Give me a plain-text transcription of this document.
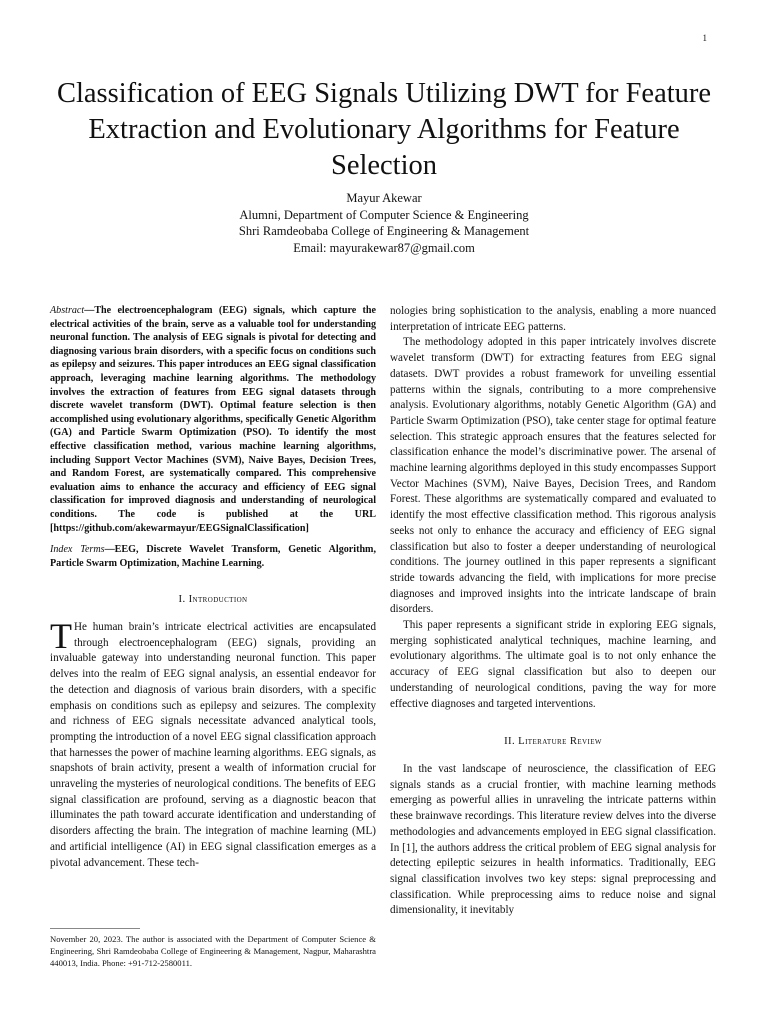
1
Classification of EEG Signals Utilizing DWT for Feature Extraction and Evolutionary Algorithms for Feature Selection
Mayur Akewar
Alumni, Department of Computer Science & Engineering
Shri Ramdeobaba College of Engineering & Management
Email: mayurakewar87@gmail.com
Abstract—The electroencephalogram (EEG) signals, which capture the electrical activities of the brain, serve as a valuable tool for understanding neuronal function. The analysis of EEG signals is pivotal for detecting and diagnosing various brain disorders, with a specific focus on conditions such as epilepsy and seizures. This paper introduces an EEG signal classification approach, leveraging machine learning algorithms. The methodology involves the extraction of features from EEG signal datasets through discrete wavelet transform (DWT). Optimal feature selection is then accomplished using evolutionary algorithms, specifically Genetic Algorithm (GA) and Particle Swarm Optimization (PSO). To identify the most effective classification method, various machine learning algorithms, including Support Vector Machines (SVM), Naive Bayes, Decision Trees, and Random Forest, are systematically compared. This comprehensive evaluation aims to enhance the accuracy and efficiency of EEG signal classification for improved diagnosis and understanding of neurological conditions. The code is published at the URL [https://github.com/akewarmayur/EEGSignalClassification]
Index Terms—EEG, Discrete Wavelet Transform, Genetic Algorithm, Particle Swarm Optimization, Machine Learning.
I. Introduction

T He human brain’s intricate electrical activities are encapsulated through electroencephalogram (EEG) signals, providing an invaluable gateway into understanding neuronal function. This paper delves into the realm of EEG signal analysis, an essential endeavor for the detection and diagnosis of various brain disorders, with a specific emphasis on conditions such as epilepsy and seizures. The complexity and richness of EEG signals necessitate advanced analytical tools, prompting the introduction of a novel EEG signal classification approach that harnesses the power of machine learning algorithms. EEG signals, as snapshots of brain activity, present a wealth of information crucial for unraveling the mysteries of neurological conditions. The benefits of EEG signal classification are profound, serving as a diagnostic beacon that illuminates the path toward accurate identification and understanding of disorders affecting the brain. The integration of machine learning (ML) and artificial intelligence (AI) in EEG signal classification emerges as a pivotal advancement. These tech-

nologies bring sophistication to the analysis, enabling a more nuanced interpretation of intricate EEG patterns.

The methodology adopted in this paper intricately involves discrete wavelet transform (DWT) for extracting features from EEG signal datasets. DWT provides a robust framework for unveiling essential patterns within the signals, contributing to a more comprehensive analysis. Evolutionary algorithms, notably Genetic Algorithm (GA) and Particle Swarm Optimization (PSO), take center stage for optimal feature selection. This strategic approach ensures that the features selected for classification enhance the model’s discriminative power. The arsenal of machine learning algorithms deployed in this study encompasses Support Vector Machines (SVM), Naive Bayes, Decision Trees, and Random Forest. These algorithms are systematically compared and evaluated to identify the most effective classification method. This rigorous analysis seeks not only to enhance the accuracy and efficiency of EEG signal classification but also to foster a deeper understanding of neurological conditions. The journey outlined in this paper represents a significant stride towards advancing the field, with implications for more precise diagnoses and improved insights into the intricate landscape of brain disorders.

This paper represents a significant stride in exploring EEG signals, merging sophisticated analytical techniques, machine learning, and evolutionary algorithms. The ultimate goal is to not only enhance the accuracy of EEG signal classification but also to deepen our understanding of neurological conditions, paving the way for more effective diagnoses and targeted interventions.

II. Literature Review

In the vast landscape of neuroscience, the classification of EEG signals stands as a crucial frontier, with machine learning methods emerging as powerful allies in unraveling the intricate patterns within these brainwave recordings. This literature review delves into the diverse methodologies and advancements employed in EEG signal classification. In [1], the authors address the critical problem of EEG signal analysis for detecting epileptic seizures in health informatics. Traditionally, EEG signal classification involves two key steps: signal preprocessing and classification. While preprocessing aims to reduce noise and signal dimensionality, it inevitably

November 20, 2023. The author is associated with the Department of Computer Science & Engineering, Shri Ramdeobaba College of Engineering & Management, Nagpur, Maharashtra 440013, India. Phone: +91-712-2580011.
